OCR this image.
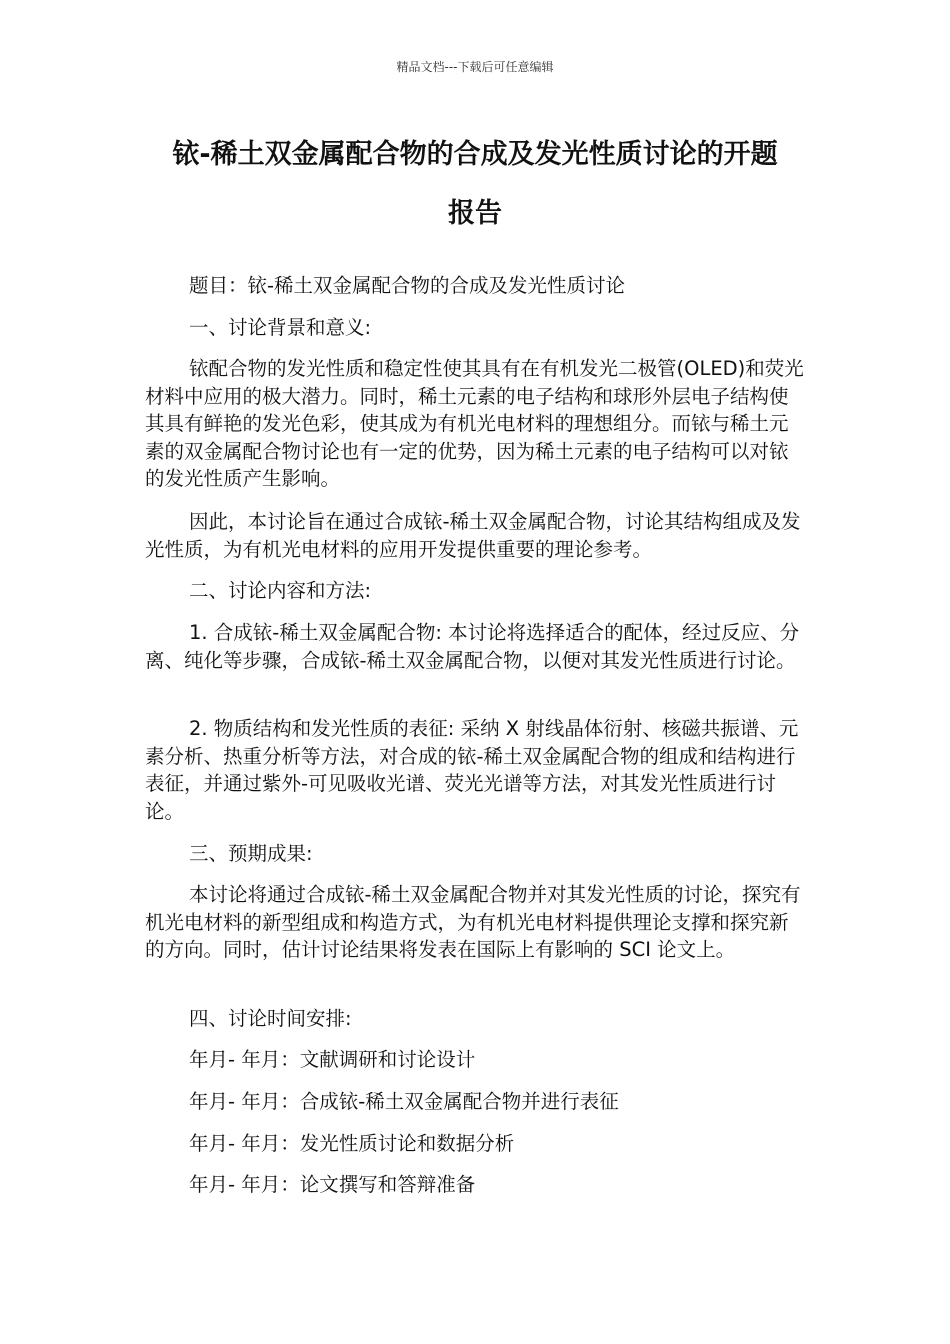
精品文档---下载后可任意编辑
铱-稀土双金属配合物的合成及发光性质讨论的开题
报告
题目：铱-稀土双金属配合物的合成及发光性质讨论
一、讨论背景和意义:

铱配合物的发光性质和稳定性使其具有在有机发光二极管(OLED)和荧光材料中应用的极大潜力。同时，稀土元素的电子结构和球形外层电子结构使其具有鲜艳的发光色彩，使其成为有机光电材料的理想组分。而铱与稀土元素的双金属配合物讨论也有一定的优势，因为稀土元素的电子结构可以对铱的发光性质产生影响。

因此，本讨论旨在通过合成铱-稀土双金属配合物，讨论其结构组成及发光性质，为有机光电材料的应用开发提供重要的理论参考。

二、讨论内容和方法:

1. 合成铱-稀土双金属配合物: 本讨论将选择适合的配体，经过反应、分离、纯化等步骤，合成铱-稀土双金属配合物，以便对其发光性质进行讨论。

2. 物质结构和发光性质的表征: 采纳 X 射线晶体衍射、核磁共振谱、元素分析、热重分析等方法，对合成的铱-稀土双金属配合物的组成和结构进行表征，并通过紫外-可见吸收光谱、荧光光谱等方法，对其发光性质进行讨论。

三、预期成果:

本讨论将通过合成铱-稀土双金属配合物并对其发光性质的讨论，探究有机光电材料的新型组成和构造方式，为有机光电材料提供理论支撑和探究新的方向。同时，估计讨论结果将发表在国际上有影响的 SCI 论文上。

四、讨论时间安排:
年月- 年月：文献调研和讨论设计
年月- 年月：合成铱-稀土双金属配合物并进行表征
年月- 年月：发光性质讨论和数据分析
年月- 年月：论文撰写和答辩准备
